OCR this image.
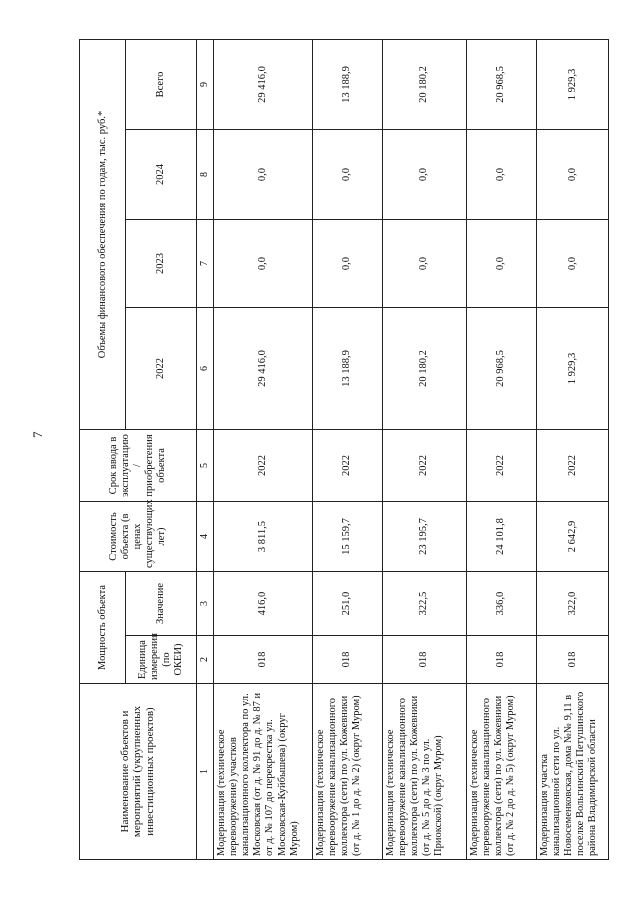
7
Наименование объектов и мероприятий (укрупненных инвестиционных проектов)	Мощность объекта		Стоимость объекта (в ценах существующих лет)	Срок ввода в эксплуатацию / приобретения объекта	Объемы финансового обеспечения по годам, тыс. руб.*			
	Единица измерения (по ОКЕИ)	Значение			2022	2023	2024	Всего
1	2	3	4	5	6	7	8	9
Модернизация (техническое перевооружение) участков канализационного коллектора по ул. Московская (от д. № 91 до д. № 87 и от д. № 107 до перекрестка ул. Московская-Куйбышева) (округ Муром)	018	416,0	3 811,5	2022	29 416,0	0,0	0,0	29 416,0
Модернизация (техническое перевооружение канализационного коллектора (сети) по ул. Кожевники (от д. № 1 до д. № 2) (округ Муром)	018	251,0	15 159,7	2022	13 188,9	0,0	0,0	13 188,9
Модернизация (техническое перевооружение канализационного коллектора (сети) по ул. Кожевники (от д. № 5 до д. № 3 по ул. Приокской) (округ Муром)	018	322,5	23 195,7	2022	20 180,2	0,0	0,0	20 180,2
Модернизация (техническое перевооружение канализационного коллектора (сети) по ул. Кожевники (от д. № 2 до д. № 5) (округ Муром)	018	336,0	24 101,8	2022	20 968,5	0,0	0,0	20 968,5
Модернизация участка канализационной сети по ул. Новосеменковская, дома №№ 9,11 в поселке Вольгинский Петушинского района Владимирской области	018	322,0	2 642,9	2022	1 929,3	0,0	0,0	1 929,3
